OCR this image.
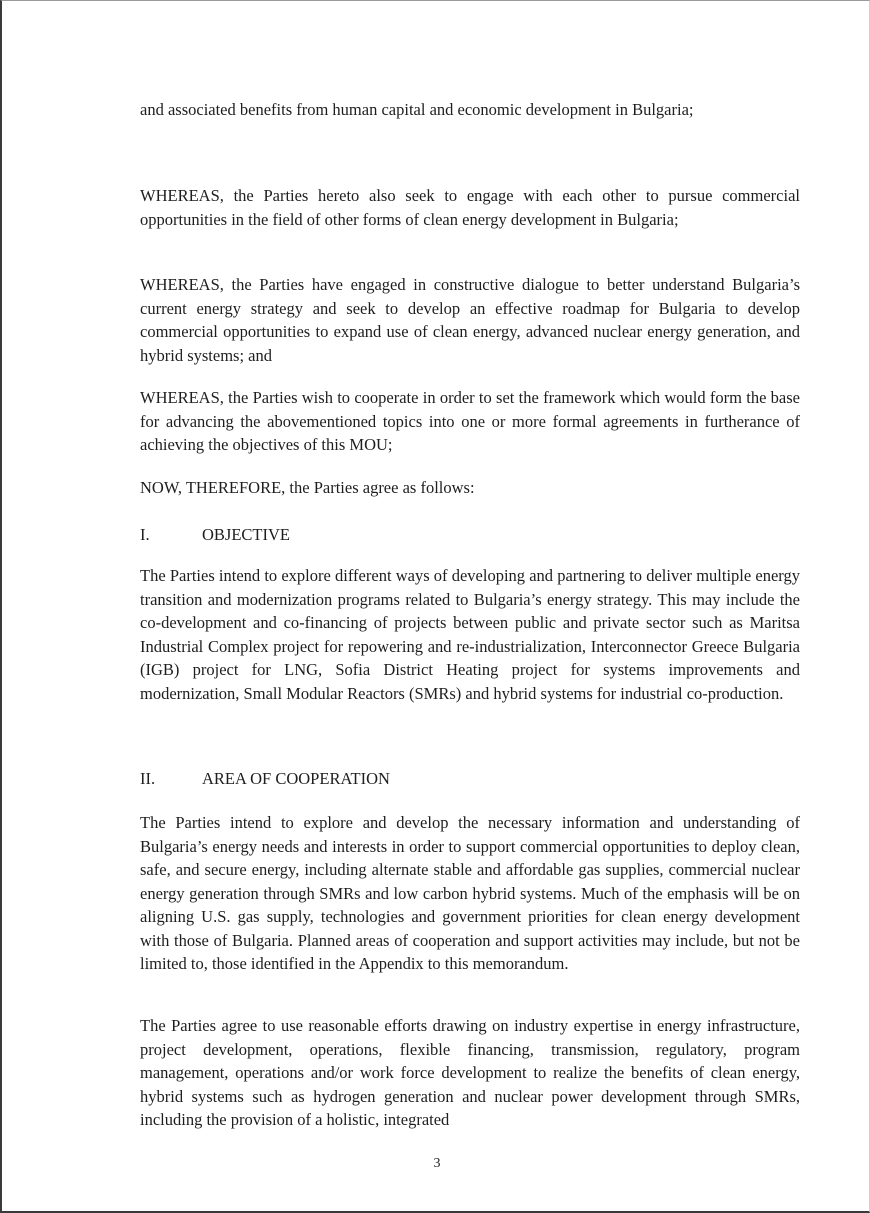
and associated benefits from human capital and economic development in Bulgaria;

WHEREAS, the Parties hereto also seek to engage with each other to pursue commercial opportunities in the field of other forms of clean energy development in Bulgaria;

WHEREAS, the Parties have engaged in constructive dialogue to better understand Bulgaria’s current energy strategy and seek to develop an effective roadmap for Bulgaria to develop commercial opportunities to expand use of clean energy, advanced nuclear energy generation, and hybrid systems; and

WHEREAS, the Parties wish to cooperate in order to set the framework which would form the base for advancing the abovementioned topics into one or more formal agreements in furtherance of achieving the objectives of this MOU;

NOW, THEREFORE, the Parties agree as follows:

I.	OBJECTIVE

The Parties intend to explore different ways of developing and partnering to deliver multiple energy transition and modernization programs related to Bulgaria’s energy strategy. This may include the co-development and co-financing of projects between public and private sector such as Maritsa Industrial Complex project for repowering and re-industrialization, Interconnector Greece Bulgaria (IGB) project for LNG, Sofia District Heating project for systems improvements and modernization, Small Modular Reactors (SMRs) and hybrid systems for industrial co-production.

II.	AREA OF COOPERATION

The Parties intend to explore and develop the necessary information and understanding of Bulgaria’s energy needs and interests in order to support commercial opportunities to deploy clean, safe, and secure energy, including alternate stable and affordable gas supplies, commercial nuclear energy generation through SMRs and low carbon hybrid systems. Much of the emphasis will be on aligning U.S. gas supply, technologies and government priorities for clean energy development with those of Bulgaria. Planned areas of cooperation and support activities may include, but not be limited to, those identified in the Appendix to this memorandum.

The Parties agree to use reasonable efforts drawing on industry expertise in energy infrastructure, project development, operations, flexible financing, transmission, regulatory, program management, operations and/or work force development to realize the benefits of clean energy, hybrid systems such as hydrogen generation and nuclear power development through SMRs, including the provision of a holistic, integrated

3
